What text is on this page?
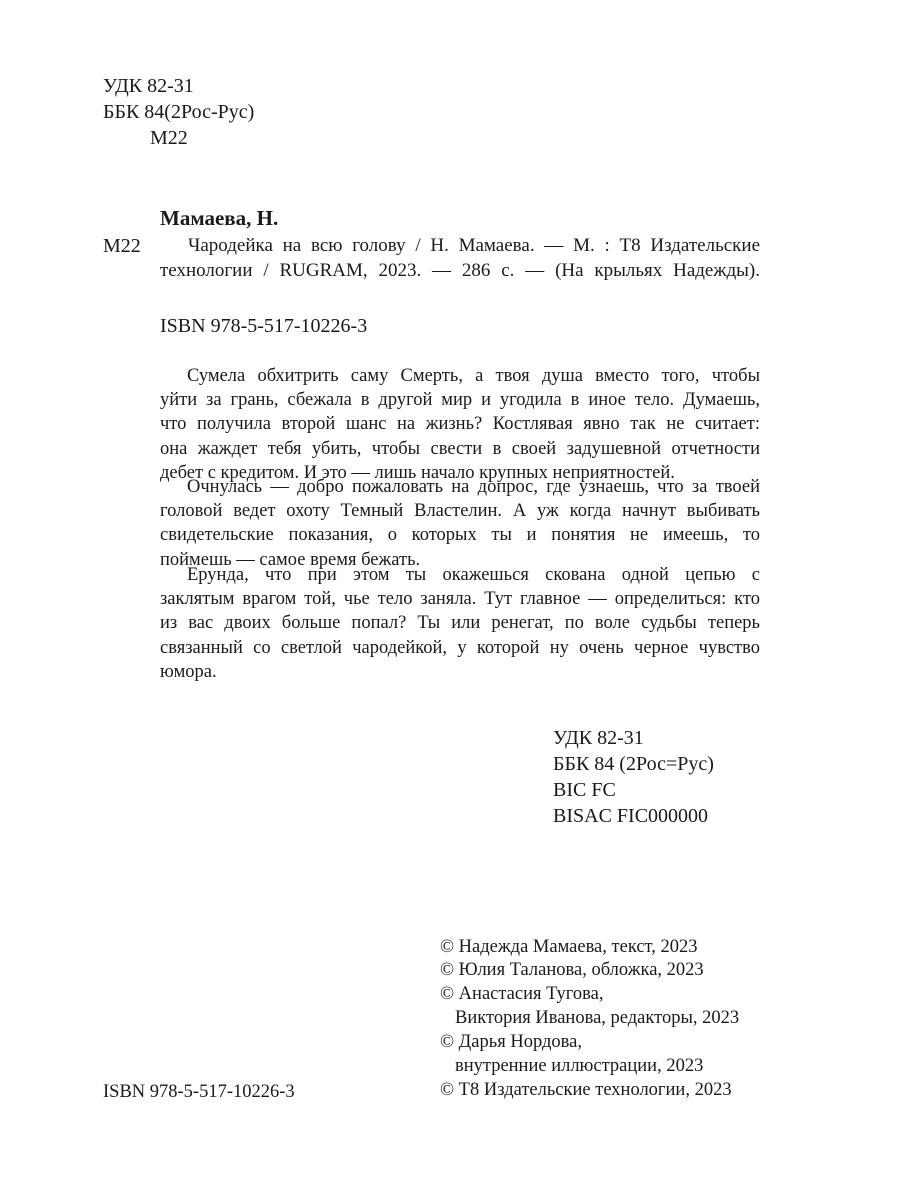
УДК 82-31
ББК 84(2Рос-Рус)
М22
Мамаева, Н.
М22	Чародейка на всю голову / Н. Мамаева. — М. : Т8 Издательские
технологии / RUGRAM, 2023. — 286 с. — (На крыльях Надежды).
ISBN 978-5-517-10226-3
Сумела обхитрить саму Смерть, а твоя душа вместо того, чтобы
уйти за грань, сбежала в другой мир и угодила в иное тело. Думаешь,
что получила второй шанс на жизнь? Костлявая явно так не считает:
она жаждет тебя убить, чтобы свести в своей задушевной отчетности
дебет с кредитом. И это — лишь начало крупных неприятностей.
Очнулась — добро пожаловать на допрос, где узнаешь, что за твоей
головой ведет охоту Темный Властелин. А уж когда начнут выбивать
свидетельские показания, о которых ты и понятия не имеешь, то
поймешь — самое время бежать.
Ерунда, что при этом ты окажешься скована одной цепью с
заклятым врагом той, чье тело заняла. Тут главное — определиться: кто
из вас двоих больше попал? Ты или ренегат, по воле судьбы теперь
связанный со светлой чародейкой, у которой ну очень черное чувство
юмора.
УДК 82-31
ББК 84 (2Рос=Рус)
BIC FC
BISAC FIC000000
© Надежда Мамаева, текст, 2023
© Юлия Таланова, обложка, 2023
© Анастасия Тугова,
Виктория Иванова, редакторы, 2023
© Дарья Нордова,
внутренние иллюстрации, 2023
© Т8 Издательские технологии, 2023
ISBN 978-5-517-10226-3
